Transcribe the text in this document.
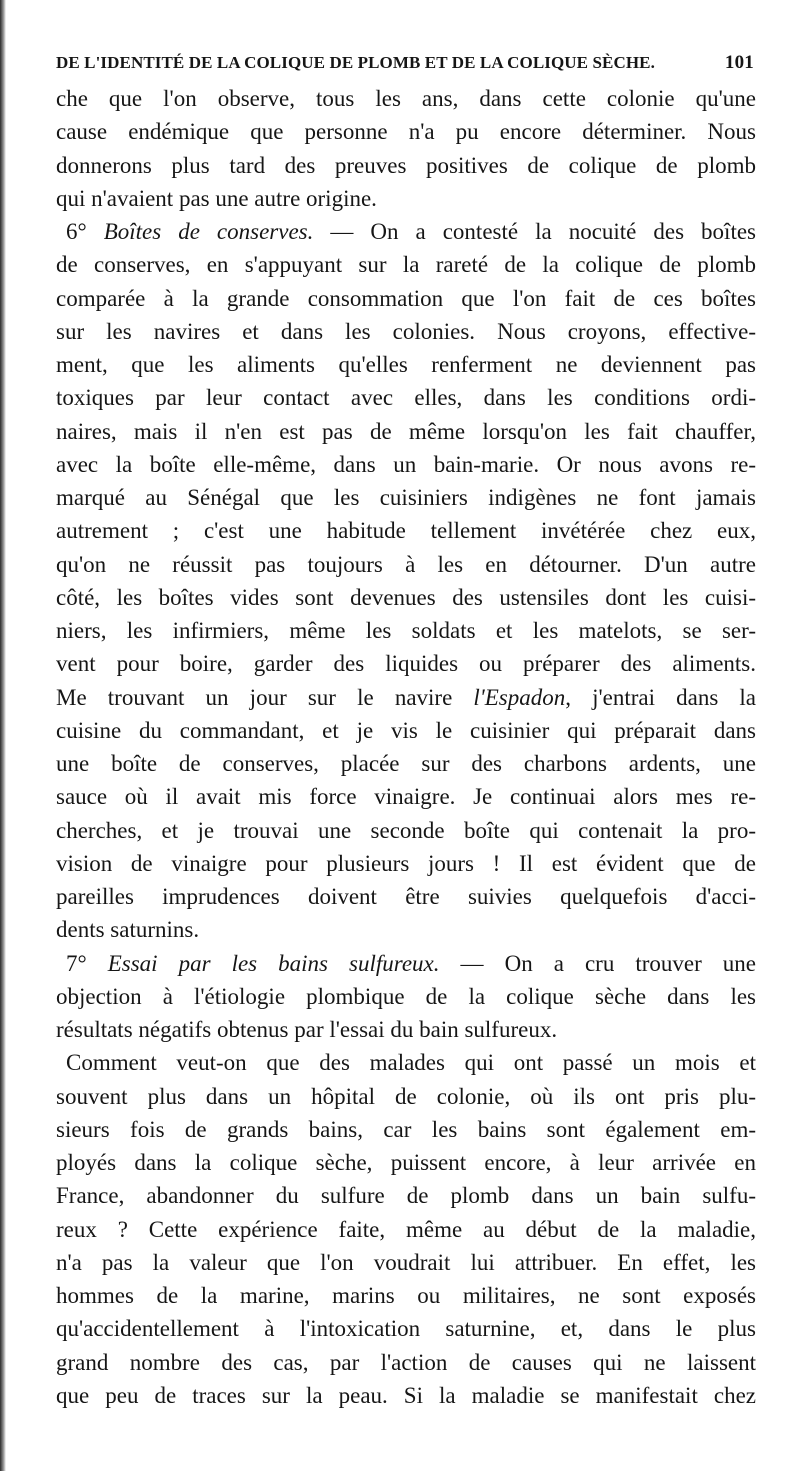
DE L'IDENTITÉ DE LA COLIQUE DE PLOMB ET DE LA COLIQUE SÈCHE.	101
che que l'on observe, tous les ans, dans cette colonie qu'une
cause endémique que personne n'a pu encore déterminer. Nous
donnerons plus tard des preuves positives de colique de plomb
qui n'avaient pas une autre origine.
6° Boîtes de conserves. — On a contesté la nocuité des boîtes
de conserves, en s'appuyant sur la rareté de la colique de plomb
comparée à la grande consommation que l'on fait de ces boîtes
sur les navires et dans les colonies. Nous croyons, effective-
ment, que les aliments qu'elles renferment ne deviennent pas
toxiques par leur contact avec elles, dans les conditions ordi-
naires, mais il n'en est pas de même lorsqu'on les fait chauffer,
avec la boîte elle-même, dans un bain-marie. Or nous avons re-
marqué au Sénégal que les cuisiniers indigènes ne font jamais
autrement ; c'est une habitude tellement invétérée chez eux,
qu'on ne réussit pas toujours à les en détourner. D'un autre
côté, les boîtes vides sont devenues des ustensiles dont les cuisi-
niers, les infirmiers, même les soldats et les matelots, se ser-
vent pour boire, garder des liquides ou préparer des aliments.
Me trouvant un jour sur le navire l'Espadon, j'entrai dans la
cuisine du commandant, et je vis le cuisinier qui préparait dans
une boîte de conserves, placée sur des charbons ardents, une
sauce où il avait mis force vinaigre. Je continuai alors mes re-
cherches, et je trouvai une seconde boîte qui contenait la pro-
vision de vinaigre pour plusieurs jours ! Il est évident que de
pareilles imprudences doivent être suivies quelquefois d'acci-
dents saturnins.
7° Essai par les bains sulfureux. — On a cru trouver une
objection à l'étiologie plombique de la colique sèche dans les
résultats négatifs obtenus par l'essai du bain sulfureux.
Comment veut-on que des malades qui ont passé un mois et
souvent plus dans un hôpital de colonie, où ils ont pris plu-
sieurs fois de grands bains, car les bains sont également em-
ployés dans la colique sèche, puissent encore, à leur arrivée en
France, abandonner du sulfure de plomb dans un bain sulfu-
reux ? Cette expérience faite, même au début de la maladie,
n'a pas la valeur que l'on voudrait lui attribuer. En effet, les
hommes de la marine, marins ou militaires, ne sont exposés
qu'accidentellement à l'intoxication saturnine, et, dans le plus
grand nombre des cas, par l'action de causes qui ne laissent
que peu de traces sur la peau. Si la maladie se manifestait chez
